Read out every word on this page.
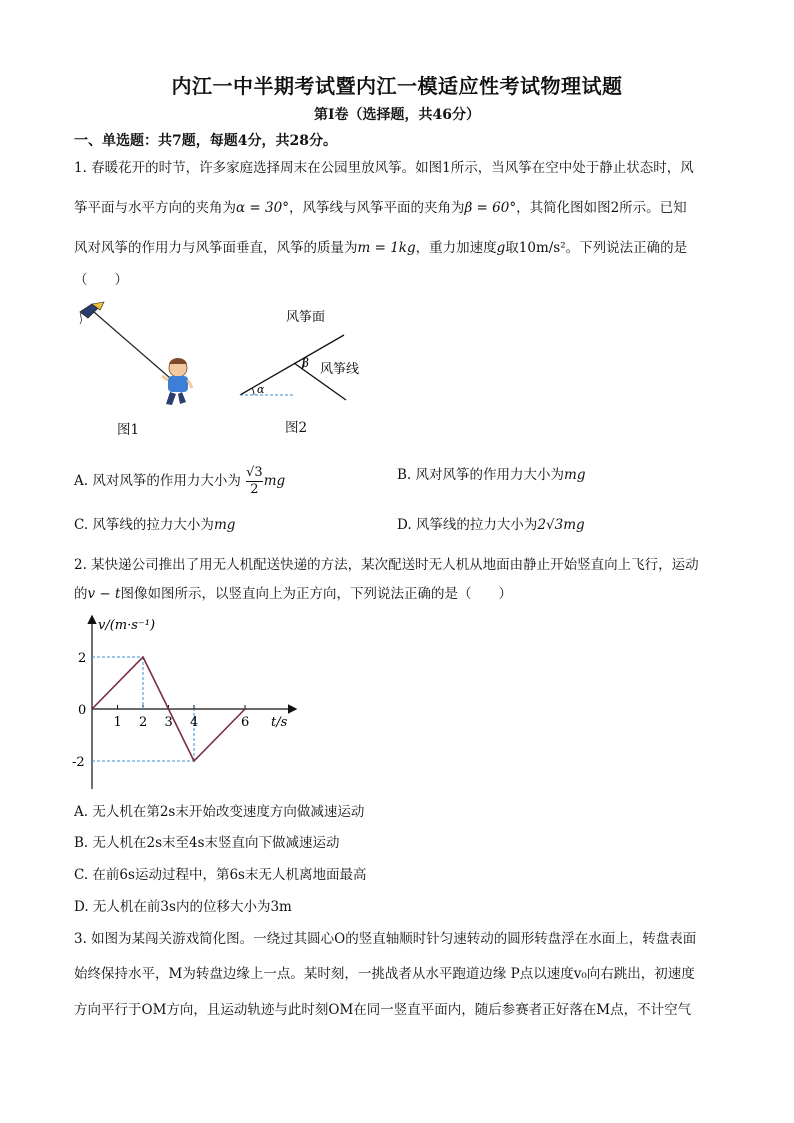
内江一中半期考试暨内江一模适应性考试物理试题
第Ⅰ卷（选择题，共46分）
一、单选题：共7题，每题4分，共28分。
1. 春暖花开的时节，许多家庭选择周末在公园里放风筝。如图1所示，当风筝在空中处于静止状态时，风
筝平面与水平方向的夹角为α = 30°，风筝线与风筝平面的夹角为β = 60°，其简化图如图2所示。已知
风对风筝的作用力与风筝面垂直，风筝的质量为m = 1kg，重力加速度g取10m/s²。下列说法正确的是
（　　）
图1
风筝面
风筝线
β
α
图2
A. 风对风筝的作用力大小为 $\frac{√3}{2}$ mg	B. 风对风筝的作用力大小为mg
C. 风筝线的拉力大小为mg	D. 风筝线的拉力大小为2√3mg
2. 某快递公司推出了用无人机配送快递的方法，某次配送时无人机从地面由静止开始竖直向上飞行，运动
的v − t图像如图所示，以竖直向上为正方向，下列说法正确的是（　　）
1 2 3 4	6
2
0
-2
v/(m·s⁻¹)
t/s
A. 无人机在第2s末开始改变速度方向做减速运动
B. 无人机在2s末至4s末竖直向下做减速运动
C. 在前6s运动过程中，第6s末无人机离地面最高
D. 无人机在前3s内的位移大小为3m
3. 如图为某闯关游戏简化图。一绕过其圆心O的竖直轴顺时针匀速转动的圆形转盘浮在水面上，转盘表面
始终保持水平，M为转盘边缘上一点。某时刻，一挑战者从水平跑道边缘 P点以速度v₀向右跳出，初速度
方向平行于OM方向，且运动轨迹与此时刻OM在同一竖直平面内，随后参赛者正好落在M点，不计空气
